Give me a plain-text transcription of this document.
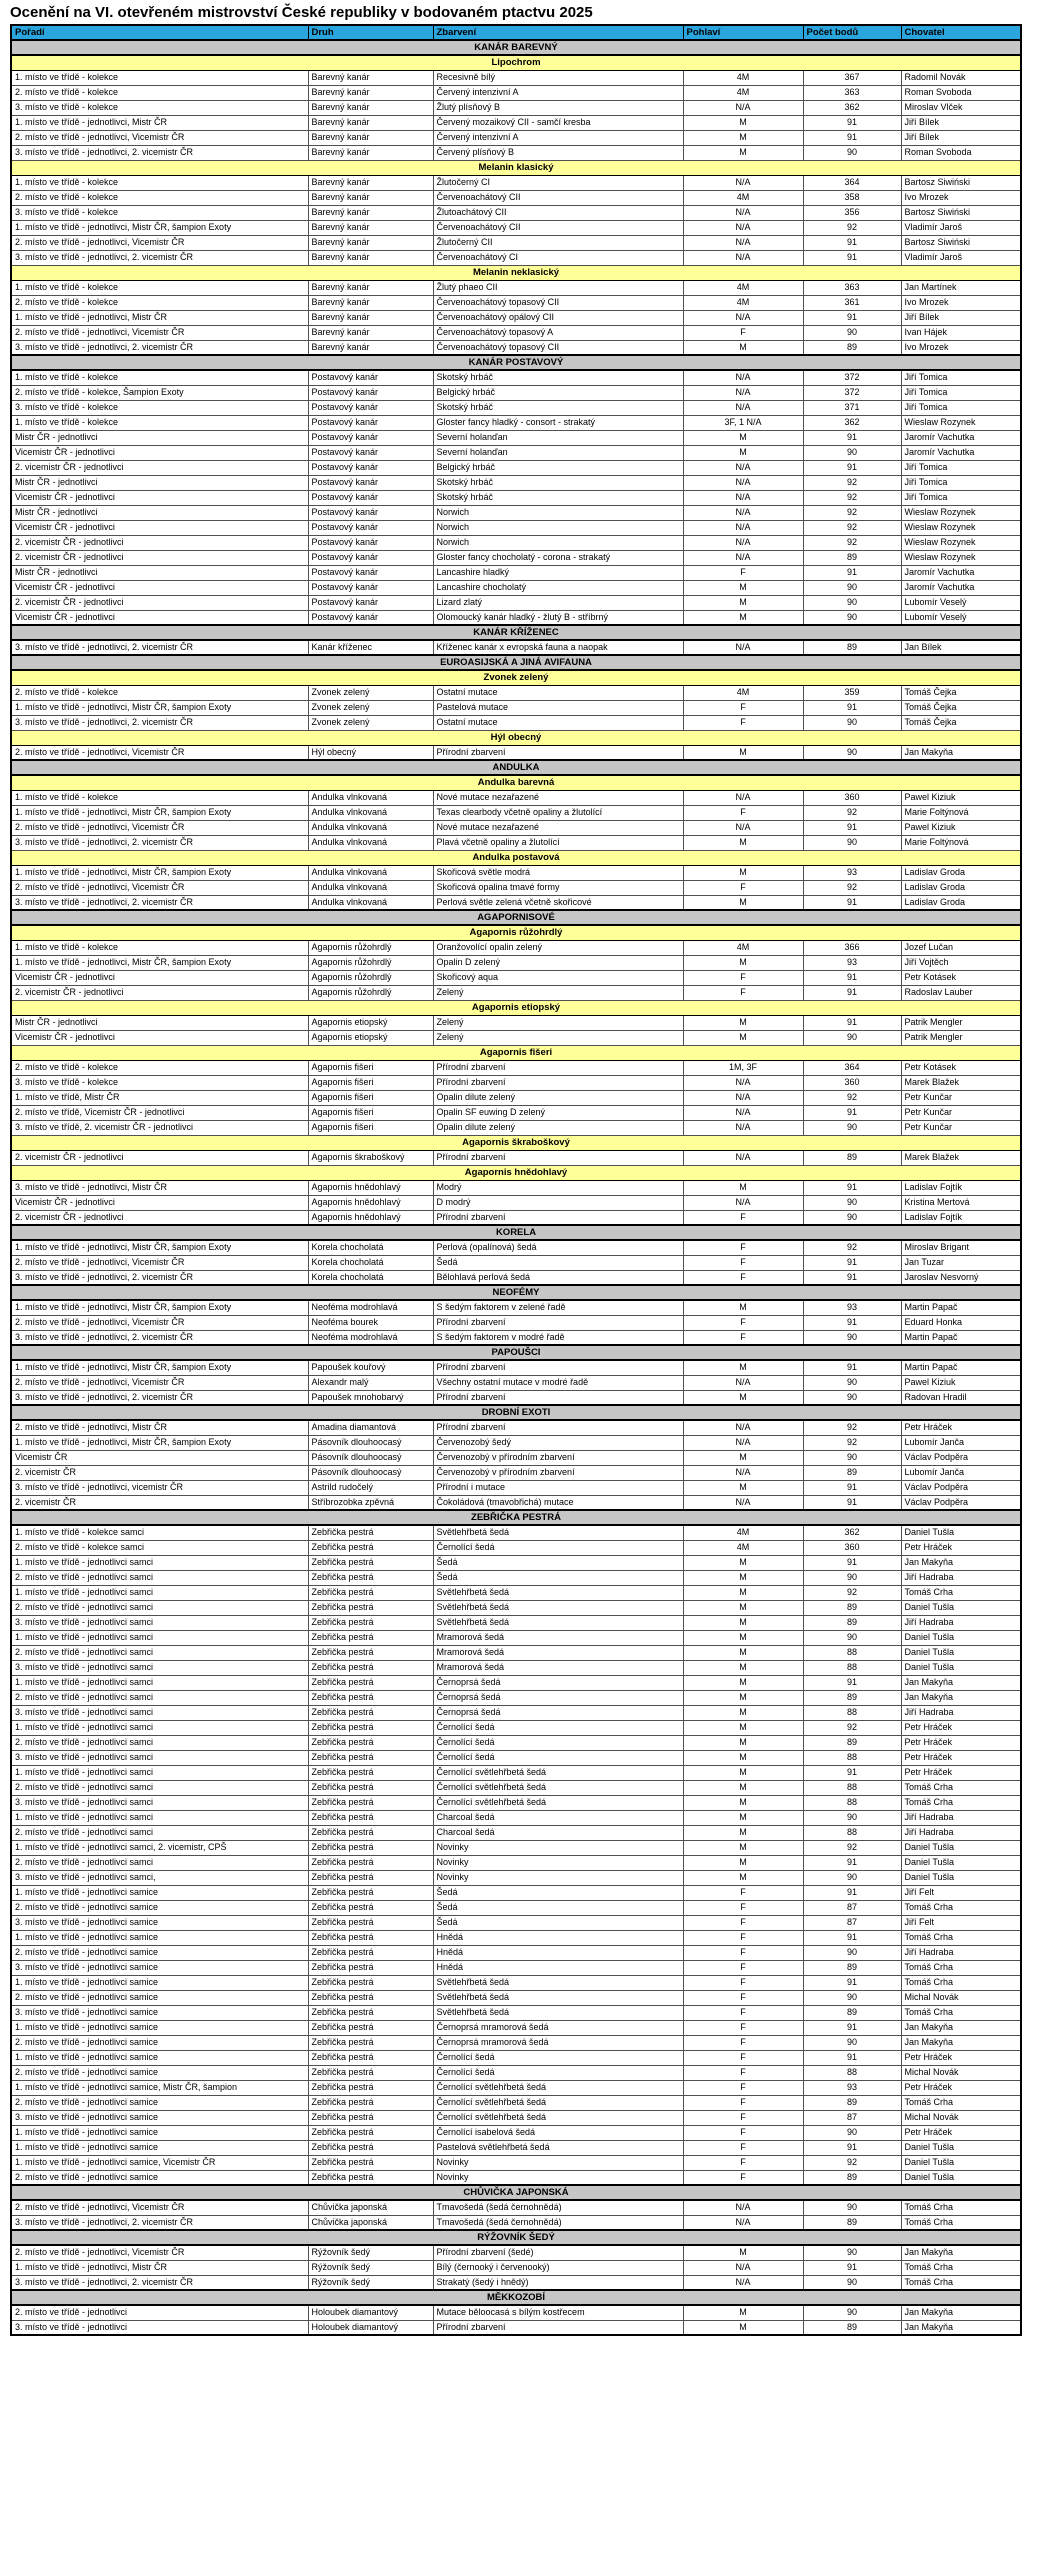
Ocenění na VI. otevřeném mistrovství České republiky v bodovaném ptactvu 2025
Pořadí	Druh	Zbarvení	Pohlaví	Počet bodů	Chovatel
KANÁR BAREVNÝ					
Lipochrom					
1. místo ve třídě - kolekce	Barevný kanár	Recesivně bílý	4M	367	Radomil Novák
2. místo ve třídě - kolekce	Barevný kanár	Červený intenzivní A	4M	363	Roman Svoboda
3. místo ve třídě - kolekce	Barevný kanár	Žlutý plísňový B	N/A	362	Miroslav Vlček
1. místo ve třídě - jednotlivci, Mistr ČR	Barevný kanár	Červený mozaikový CII - samčí kresba	M	91	Jiří Bílek
2. místo ve třídě - jednotlivci, Vicemistr ČR	Barevný kanár	Červený intenzivní A	M	91	Jiří Bílek
3. místo ve třídě - jednotlivci, 2. vicemistr ČR	Barevný kanár	Červený plísňový B	M	90	Roman Svoboda
Melanin klasický					
1. místo ve třídě - kolekce	Barevný kanár	Žlutočerný CI	N/A	364	Bartosz Siwiński
2. místo ve třídě - kolekce	Barevný kanár	Červenoachátový CII	4M	358	Ivo Mrozek
3. místo ve třídě - kolekce	Barevný kanár	Žlutoachátový CII	N/A	356	Bartosz Siwiński
1. místo ve třídě - jednotlivci, Mistr ČR, šampion Exoty	Barevný kanár	Červenoachátový CII	N/A	92	Vladimír Jaroš
2. místo ve třídě - jednotlivci, Vicemistr ČR	Barevný kanár	Žlutočerný CII	N/A	91	Bartosz Siwiński
3. místo ve třídě - jednotlivci, 2. vicemistr ČR	Barevný kanár	Červenoachátový CI	N/A	91	Vladimír Jaroš
Melanin neklasický					
1. místo ve třídě - kolekce	Barevný kanár	Žlutý phaeo CII	4M	363	Jan Martínek
2. místo ve třídě - kolekce	Barevný kanár	Červenoachátový topasový CII	4M	361	Ivo Mrozek
1. místo ve třídě - jednotlivci, Mistr ČR	Barevný kanár	Červenoachátový opálový CII	N/A	91	Jiří Bílek
2. místo ve třídě - jednotlivci, Vicemistr ČR	Barevný kanár	Červenoachátový topasový A	F	90	Ivan Hájek
3. místo ve třídě - jednotlivci, 2. vicemistr ČR	Barevný kanár	Červenoachátový topasový CII	M	89	Ivo Mrozek
KANÁR POSTAVOVÝ					
1. místo ve třídě - kolekce	Postavový kanár	Skotský hrbáč	N/A	372	Jiří Tomica
2. místo ve třídě - kolekce, Šampion Exoty	Postavový kanár	Belgický hrbáč	N/A	372	Jiří Tomica
3. místo ve třídě - kolekce	Postavový kanár	Skotský hrbáč	N/A	371	Jiří Tomica
1. místo ve třídě - kolekce	Postavový kanár	Gloster fancy hladký - consort - strakatý	3F, 1 N/A	362	Wieslaw Rozynek
Mistr ČR - jednotlivci	Postavový kanár	Severní holanďan	M	91	Jaromír Vachutka
Vicemistr ČR - jednotlivci	Postavový kanár	Severní holanďan	M	90	Jaromír Vachutka
2. vicemistr ČR - jednotlivci	Postavový kanár	Belgický hrbáč	N/A	91	Jiří Tomica
Mistr ČR - jednotlivci	Postavový kanár	Skotský hrbáč	N/A	92	Jiří Tomica
Vicemistr ČR - jednotlivci	Postavový kanár	Skotský hrbáč	N/A	92	Jiří Tomica
Mistr ČR - jednotlivci	Postavový kanár	Norwich	N/A	92	Wieslaw Rozynek
Vicemistr ČR - jednotlivci	Postavový kanár	Norwich	N/A	92	Wieslaw Rozynek
2. vicemistr ČR - jednotlivci	Postavový kanár	Norwich	N/A	92	Wieslaw Rozynek
2. vicemistr ČR - jednotlivci	Postavový kanár	Gloster fancy chocholatý - corona - strakatý	N/A	89	Wieslaw Rozynek
Mistr ČR - jednotlivci	Postavový kanár	Lancashire hladký	F	91	Jaromír Vachutka
Vicemistr ČR - jednotlivci	Postavový kanár	Lancashire chocholatý	M	90	Jaromír Vachutka
2. vicemistr ČR - jednotlivci	Postavový kanár	Lizard zlatý	M	90	Lubomír Veselý
Vicemistr ČR - jednotlivci	Postavový kanár	Olomoucký kanár hladký - žlutý B - stříbrný	M	90	Lubomír Veselý
KANÁR KŘÍŽENEC					
3. místo ve třídě - jednotlivci, 2. vicemistr ČR	Kanár kříženec	Kříženec kanár x evropská fauna a naopak	N/A	89	Jan Bílek
EUROASIJSKÁ A JINÁ AVIFAUNA					
Zvonek zelený					
2. místo ve třídě - kolekce	Zvonek zelený	Ostatní mutace	4M	359	Tomáš Čejka
1. místo ve třídě - jednotlivci, Mistr ČR, šampion Exoty	Zvonek zelený	Pastelová mutace	F	91	Tomáš Čejka
3. místo ve třídě - jednotlivci, 2. vicemistr ČR	Zvonek zelený	Ostatní mutace	F	90	Tomáš Čejka
Hýl obecný					
2. místo ve třídě - jednotlivci, Vicemistr ČR	Hýl obecný	Přírodní zbarvení	M	90	Jan Makyňa
ANDULKA					
Andulka barevná					
1. místo ve třídě - kolekce	Andulka vlnkovaná	Nové mutace nezařazené	N/A	360	Pawel Kiziuk
1. místo ve třídě - jednotlivci, Mistr ČR, šampion Exoty	Andulka vlnkovaná	Texas clearbody včetně opaliny a žlutolící	F	92	Marie Foltýnová
2. místo ve třídě - jednotlivci, Vicemistr ČR	Andulka vlnkovaná	Nové mutace nezařazené	N/A	91	Pawel Kiziuk
3. místo ve třídě - jednotlivci, 2. vicemistr ČR	Andulka vlnkovaná	Plavá včetně opaliny a žlutolící	M	90	Marie Foltýnová
Andulka postavová					
1. místo ve třídě - jednotlivci, Mistr ČR, šampion Exoty	Andulka vlnkovaná	Skořicová světle modrá	M	93	Ladislav Groda
2. místo ve třídě - jednotlivci, Vicemistr ČR	Andulka vlnkovaná	Skořicová opalina tmavé formy	F	92	Ladislav Groda
3. místo ve třídě - jednotlivci, 2. vicemistr ČR	Andulka vlnkovaná	Perlová světle zelená včetně skořicové	M	91	Ladislav Groda
AGAPORNISOVÉ					
Agapornis růžohrdlý					
1. místo ve třídě - kolekce	Agapornis růžohrdlý	Oranžovolící opalin zelený	4M	366	Jozef Lučan
1. místo ve třídě - jednotlivci, Mistr ČR, šampion Exoty	Agapornis růžohrdlý	Opalin D zelený	M	93	Jiří Vojtěch
Vicemistr ČR - jednotlivci	Agapornis růžohrdlý	Skořicový aqua	F	91	Petr Kotásek
2. vicemistr ČR - jednotlivci	Agapornis růžohrdlý	Zelený	F	91	Radoslav Lauber
Agapornis etiopský					
Mistr ČR - jednotlivci	Agapornis etiopský	Zelený	M	91	Patrik Mengler
Vicemistr ČR - jednotlivci	Agapornis etiopský	Zelený	M	90	Patrik Mengler
Agapornis fišeri					
2. místo ve třídě - kolekce	Agapornis fišeri	Přírodní zbarvení	1M, 3F	364	Petr Kotásek
3. místo ve třídě - kolekce	Agapornis fišeri	Přírodní zbarvení	N/A	360	Marek Blažek
1. místo ve třídě, Mistr ČR	Agapornis fišeri	Opalin dilute zelený	N/A	92	Petr Kunčar
2. místo ve třídě, Vicemistr ČR - jednotlivci	Agapornis fišeri	Opalin SF euwing D zelený	N/A	91	Petr Kunčar
3. místo ve třídě, 2. vicemistr ČR - jednotlivci	Agapornis fišeri	Opalin dilute zelený	N/A	90	Petr Kunčar
Agapornis škraboškový					
2. vicemistr ČR - jednotlivci	Agapornis škraboškový	Přírodní zbarvení	N/A	89	Marek Blažek
Agapornis hnědohlavý					
3. místo ve třídě - jednotlivci, Mistr ČR	Agapornis hnědohlavý	Modrý	M	91	Ladislav Fojtík
Vicemistr ČR - jednotlivci	Agapornis hnědohlavý	D modrý	N/A	90	Kristina Mertová
2. vicemistr ČR - jednotlivci	Agapornis hnědohlavý	Přírodní zbarvení	F	90	Ladislav Fojtík
KORELA					
1. místo ve třídě - jednotlivci, Mistr ČR, šampion Exoty	Korela chocholatá	Perlová (opalínová) šedá	F	92	Miroslav Brigant
2. místo ve třídě - jednotlivci, Vicemistr ČR	Korela chocholatá	Šedá	F	91	Jan Tuzar
3. místo ve třídě - jednotlivci, 2. vicemistr ČR	Korela chocholatá	Bělohlavá perlová šedá	F	91	Jaroslav Nesvorný
NEOFÉMY					
1. místo ve třídě - jednotlivci, Mistr ČR, šampion Exoty	Neoféma modrohlavá	S šedým faktorem v zelené řadě	M	93	Martin Papač
2. místo ve třídě - jednotlivci, Vicemistr ČR	Neoféma bourek	Přírodní zbarvení	F	91	Eduard Honka
3. místo ve třídě - jednotlivci, 2. vicemistr ČR	Neoféma modrohlavá	S šedým faktorem v modré řadě	F	90	Martin Papač
PAPOUŠCI					
1. místo ve třídě - jednotlivci, Mistr ČR, šampion Exoty	Papoušek kouřový	Přírodní zbarvení	M	91	Martin Papač
2. místo ve třídě - jednotlivci, Vicemistr ČR	Alexandr malý	Všechny ostatní mutace v modré řadě	N/A	90	Pawel Kiziuk
3. místo ve třídě - jednotlivci, 2. vicemistr ČR	Papoušek mnohobarvý	Přírodní zbarvení	M	90	Radovan Hradil
DROBNÍ EXOTI					
2. místo ve třídě - jednotlivci, Mistr ČR	Amadina diamantová	Přírodní zbarvení	N/A	92	Petr Hráček
1. místo ve třídě - jednotlivci, Mistr ČR, šampion Exoty	Pásovník dlouhoocasý	Červenozobý šedý	N/A	92	Lubomír Janča
Vicemistr ČR	Pásovník dlouhoocasý	Červenozobý v přírodním zbarvení	M	90	Václav Podpěra
2. vicemistr ČR	Pásovník dlouhoocasý	Červenozobý v přírodním zbarvení	N/A	89	Lubomír Janča
3. místo ve třídě - jednotlivci, vicemistr ČR	Astrild rudočelý	Přírodní i mutace	M	91	Václav Podpěra
2. vicemistr ČR	Stříbrozobka zpěvná	Čokoládová (tmavobřichá) mutace	N/A	91	Václav Podpěra
ZEBŘIČKA PESTRÁ					
1. místo ve třídě - kolekce samci	Zebřička pestrá	Světlehřbetá šedá	4M	362	Daniel Tušla
2. místo ve třídě - kolekce samci	Zebřička pestrá	Černolící šedá	4M	360	Petr Hráček
1. místo ve třídě - jednotlivci samci	Zebřička pestrá	Šedá	M	91	Jan Makyňa
2. místo ve třídě - jednotlivci samci	Zebřička pestrá	Šedá	M	90	Jiří Hadraba
1. místo ve třídě - jednotlivci samci	Zebřička pestrá	Světlehřbetá šedá	M	92	Tomáš Crha
2. místo ve třídě - jednotlivci samci	Zebřička pestrá	Světlehřbetá šedá	M	89	Daniel Tušla
3. místo ve třídě - jednotlivci samci	Zebřička pestrá	Světlehřbetá šedá	M	89	Jiří Hadraba
1. místo ve třídě - jednotlivci samci	Zebřička pestrá	Mramorová šedá	M	90	Daniel Tušla
2. místo ve třídě - jednotlivci samci	Zebřička pestrá	Mramorová šedá	M	88	Daniel Tušla
3. místo ve třídě - jednotlivci samci	Zebřička pestrá	Mramorová šedá	M	88	Daniel Tušla
1. místo ve třídě - jednotlivci samci	Zebřička pestrá	Černoprsá šedá	M	91	Jan Makyňa
2. místo ve třídě - jednotlivci samci	Zebřička pestrá	Černoprsá šedá	M	89	Jan Makyňa
3. místo ve třídě - jednotlivci samci	Zebřička pestrá	Černoprsá šedá	M	88	Jiří Hadraba
1. místo ve třídě - jednotlivci samci	Zebřička pestrá	Černolící šedá	M	92	Petr Hráček
2. místo ve třídě - jednotlivci samci	Zebřička pestrá	Černolící šedá	M	89	Petr Hráček
3. místo ve třídě - jednotlivci samci	Zebřička pestrá	Černolící šedá	M	88	Petr Hráček
1. místo ve třídě - jednotlivci samci	Zebřička pestrá	Černolící světlehřbetá šedá	M	91	Petr Hráček
2. místo ve třídě - jednotlivci samci	Zebřička pestrá	Černolící světlehřbetá šedá	M	88	Tomáš Crha
3. místo ve třídě - jednotlivci samci	Zebřička pestrá	Černolící světlehřbetá šedá	M	88	Tomáš Crha
1. místo ve třídě - jednotlivci samci	Zebřička pestrá	Charcoal šedá	M	90	Jiří Hadraba
2. místo ve třídě - jednotlivci samci	Zebřička pestrá	Charcoal šedá	M	88	Jiří Hadraba
1. místo ve třídě - jednotlivci samci, 2. vicemistr, CPŠ	Zebřička pestrá	Novinky	M	92	Daniel Tušla
2. místo ve třídě - jednotlivci samci	Zebřička pestrá	Novinky	M	91	Daniel Tušla
3. místo ve třídě - jednotlivci samci,	Zebřička pestrá	Novinky	M	90	Daniel Tušla
1. místo ve třídě - jednotlivci samice	Zebřička pestrá	Šedá	F	91	Jiří Felt
2. místo ve třídě - jednotlivci samice	Zebřička pestrá	Šedá	F	87	Tomáš Crha
3. místo ve třídě - jednotlivci samice	Zebřička pestrá	Šedá	F	87	Jiří Felt
1. místo ve třídě - jednotlivci samice	Zebřička pestrá	Hnědá	F	91	Tomáš Crha
2. místo ve třídě - jednotlivci samice	Zebřička pestrá	Hnědá	F	90	Jiří Hadraba
3. místo ve třídě - jednotlivci samice	Zebřička pestrá	Hnědá	F	89	Tomáš Crha
1. místo ve třídě - jednotlivci samice	Zebřička pestrá	Světlehřbetá šedá	F	91	Tomáš Crha
2. místo ve třídě - jednotlivci samice	Zebřička pestrá	Světlehřbetá šedá	F	90	Michal Novák
3. místo ve třídě - jednotlivci samice	Zebřička pestrá	Světlehřbetá šedá	F	89	Tomáš Crha
1. místo ve třídě - jednotlivci samice	Zebřička pestrá	Černoprsá mramorová šedá	F	91	Jan Makyňa
2. místo ve třídě - jednotlivci samice	Zebřička pestrá	Černoprsá mramorová šedá	F	90	Jan Makyňa
1. místo ve třídě - jednotlivci samice	Zebřička pestrá	Černolící šedá	F	91	Petr Hráček
2. místo ve třídě - jednotlivci samice	Zebřička pestrá	Černolící šedá	F	88	Michal Novák
1. místo ve třídě - jednotlivci samice, Mistr ČR, šampion	Zebřička pestrá	Černolící světlehřbetá šedá	F	93	Petr Hráček
2. místo ve třídě - jednotlivci samice	Zebřička pestrá	Černolící světlehřbetá šedá	F	89	Tomáš Crha
3. místo ve třídě - jednotlivci samice	Zebřička pestrá	Černolící světlehřbetá šedá	F	87	Michal Novák
1. místo ve třídě - jednotlivci samice	Zebřička pestrá	Černolící isabelová šedá	F	90	Petr Hráček
1. místo ve třídě - jednotlivci samice	Zebřička pestrá	Pastelová světlehřbetá šedá	F	91	Daniel Tušla
1. místo ve třídě - jednotlivci samice, Vicemistr ČR	Zebřička pestrá	Novinky	F	92	Daniel Tušla
2. místo ve třídě - jednotlivci samice	Zebřička pestrá	Novinky	F	89	Daniel Tušla
CHŮVIČKA JAPONSKÁ					
2. místo ve třídě - jednotlivci, Vicemistr ČR	Chůvička japonská	Tmavošedá (šedá černohnědá)	N/A	90	Tomáš Crha
3. místo ve třídě - jednotlivci, 2. vicemistr ČR	Chůvička japonská	Tmavošedá (šedá černohnědá)	N/A	89	Tomáš Crha
RÝŽOVNÍK ŠEDÝ					
2. místo ve třídě - jednotlivci, Vicemistr ČR	Rýžovník šedý	Přírodní zbarvení (šedé)	M	90	Jan Makyňa
1. místo ve třídě - jednotlivci, Mistr ČR	Rýžovník šedý	Bílý (černooký i červenooký)	N/A	91	Tomáš Crha
3. místo ve třídě - jednotlivci, 2. vicemistr ČR	Rýžovník šedý	Strakatý (šedý i hnědý)	N/A	90	Tomáš Crha
MĚKKOZOBÍ					
2. místo ve třídě - jednotlivci	Holoubek diamantový	Mutace běloocasá s bílým kostřecem	M	90	Jan Makyňa
3. místo ve třídě - jednotlivci	Holoubek diamantový	Přírodní zbarvení	M	89	Jan Makyňa
